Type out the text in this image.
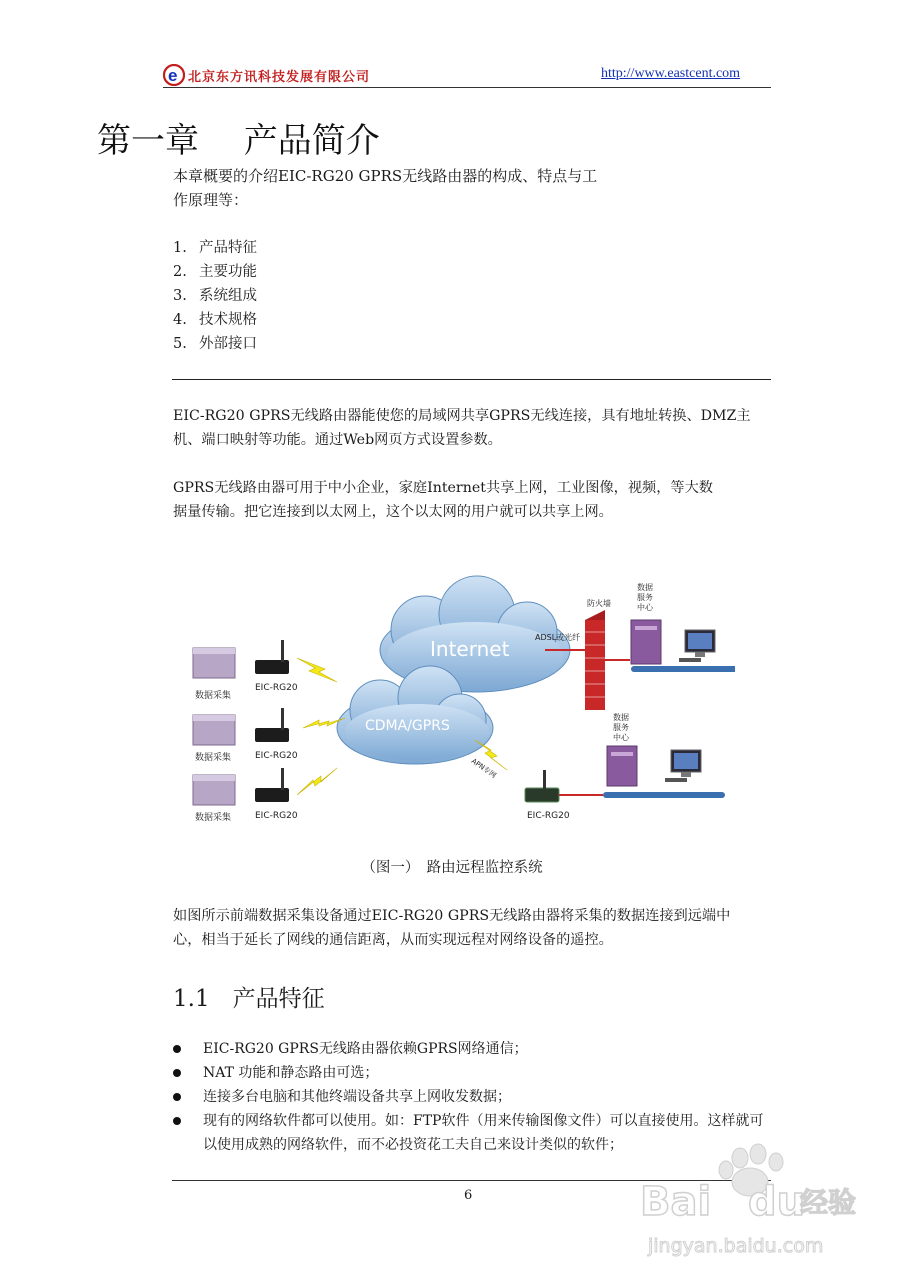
e 北京东方讯科技发展有限公司	http://www.eastcent.com
第一章　 产品简介
本章概要的介绍EIC-RG20 GPRS无线路由器的构成、特点与工
作原理等：
1. 产品特征
2. 主要功能
3. 系统组成
4. 技术规格
5. 外部接口
EIC-RG20 GPRS无线路由器能使您的局域网共享GPRS无线连接，具有地址转换、DMZ主
机、端口映射等功能。通过Web网页方式设置参数。
GPRS无线路由器可用于中小企业，家庭Internet共享上网，工业图像，视频，等大数
据量传输。把它连接到以太网上，这个以太网的用户就可以共享上网。
Internet
CDMA/GPRS
数据采集
EIC-RG20
数据采集	EIC-RG20
数据采集	EIC-RG20	EIC-RG20
APN专网
ADSL或光纤
防火墙
数据
服务
中心
数据
服务
中心
（图一）　路由远程监控系统
如图所示前端数据采集设备通过EIC-RG20 GPRS无线路由器将采集的数据连接到远端中
心，相当于延长了网线的通信距离，从而实现远程对网络设备的遥控。
1.1　产品特征
EIC-RG20 GPRS无线路由器依赖GPRS网络通信；
NAT 功能和静态路由可选；
连接多台电脑和其他终端设备共享上网收发数据；
现有的网络软件都可以使用。如：FTP软件（用来传输图像文件）可以直接使用。这样就可以使用成熟的网络软件，而不必投资花工夫自己来设计类似的软件；
6	Bai du
经验
jingyan.baidu.com
